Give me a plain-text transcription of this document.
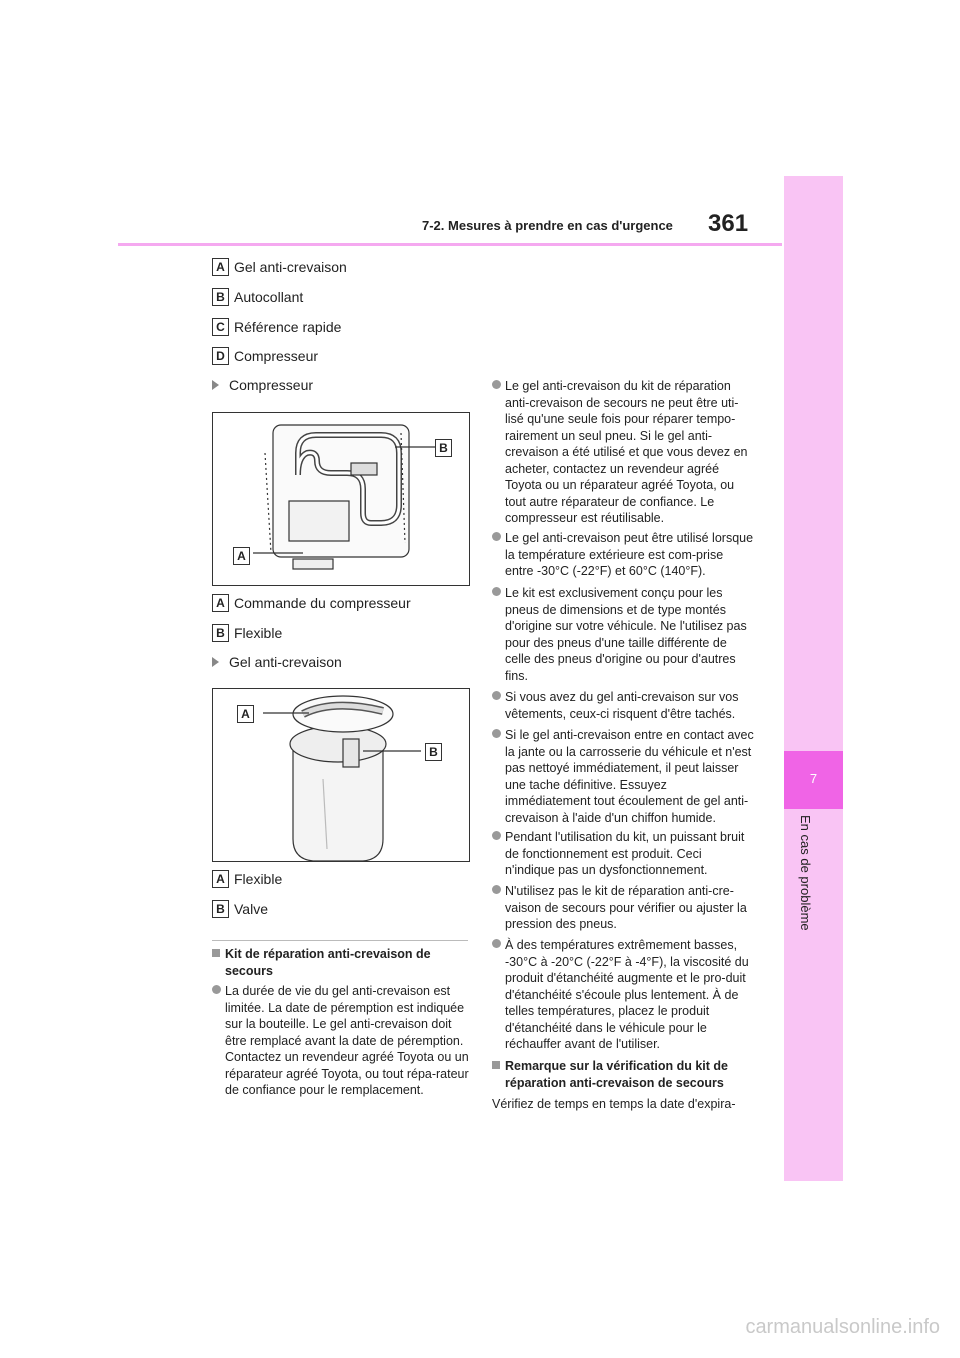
7-2. Mesures à prendre en cas d'urgence 361
7
En cas de problème
A Gel anti-crevaison
B Autocollant
C Référence rapide
D Compresseur
Compresseur
B
A
A Commande du compresseur
B Flexible
Gel anti-crevaison
A
B
A Flexible
B Valve
Kit de réparation anti-crevaison de secours
La durée de vie du gel anti-crevaison est limitée. La date de péremption est indiquée sur la bouteille. Le gel anti-crevaison doit être remplacé avant la date de péremption. Contactez un revendeur agréé Toyota ou un réparateur agréé Toyota, ou tout répa-rateur de confiance pour le remplacement.
Le gel anti-crevaison du kit de réparation anti-crevaison de secours ne peut être uti-lisé qu'une seule fois pour réparer tempo-rairement un seul pneu. Si le gel anti-crevaison a été utilisé et que vous devez en acheter, contactez un revendeur agréé Toyota ou un réparateur agréé Toyota, ou tout autre réparateur de confiance. Le compresseur est réutilisable.
Le gel anti-crevaison peut être utilisé lorsque la température extérieure est com-prise entre -30°C (-22°F) et 60°C (140°F).
Le kit est exclusivement conçu pour les pneus de dimensions et de type montés d'origine sur votre véhicule. Ne l'utilisez pas pour des pneus d'une taille différente de celle des pneus d'origine ou pour d'autres fins.
Si vous avez du gel anti-crevaison sur vos vêtements, ceux-ci risquent d'être tachés.
Si le gel anti-crevaison entre en contact avec la jante ou la carrosserie du véhicule et n'est pas nettoyé immédiatement, il peut laisser une tache définitive. Essuyez immédiatement tout écoulement de gel anti-crevaison à l'aide d'un chiffon humide.
Pendant l'utilisation du kit, un puissant bruit de fonctionnement est produit. Ceci n'indique pas un dysfonctionnement.
N'utilisez pas le kit de réparation anti-cre-vaison de secours pour vérifier ou ajuster la pression des pneus.
À des températures extrêmement basses, -30°C à -20°C (-22°F à -4°F), la viscosité du produit d'étanchéité augmente et le pro-duit d'étanchéité s'écoule plus lentement. À de telles températures, placez le produit d'étanchéité dans le véhicule pour le réchauffer avant de l'utiliser.
Remarque sur la vérification du kit de réparation anti-crevaison de secours
Vérifiez de temps en temps la date d'expira-
carmanualsonline.info
